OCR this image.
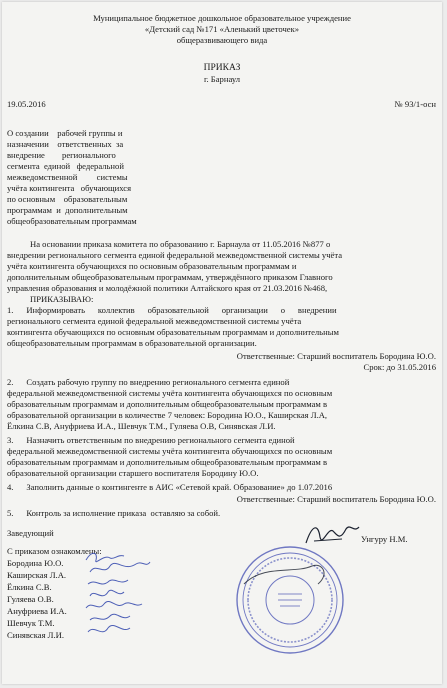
Муниципальное бюджетное дошкольное образовательное учреждение
«Детский сад №171 «Аленький цветочек»
общеразвивающего вида
ПРИКАЗ
г. Барнаул
19.05.2016	№ 93/1-осн
О создании    рабочей группы и
назначении    ответственных  за
внедрение        регионального
сегмента  единой   федеральной
межведомственной         системы
учёта контингента   обучающихся
по основным    образовательным
программам  и  дополнительным
общеобразовательным программам
На основании приказа комитета по образованию г. Барнаула от 11.05.2016 №877 о
внедрении регионального сегмента единой федеральной межведомственной системы учёта
учёта контингента обучающихся по основным образовательным программам и
дополнительным общеобразовательным программам, утверждённого приказом Главного
управления образования и молодёжной политики Алтайского края от 21.03.2016 №468,
ПРИКАЗЫВАЮ:
1.      Информировать      коллектив      образовательной      организации      о      внедрении
регионального сегмента единой федеральной межведомственной системы учёта
контингента обучающихся по основным образовательным программам и дополнительным
общеобразовательным программам в образовательной организации.
Ответственные: Старший воспитатель Бородина Ю.О.
Срок: до 31.05.2016
2.      Создать рабочую группу по внедрению регионального сегмента единой
федеральной межведомственной системы учёта контингента обучающихся по основным
образовательным программам и дополнительным общеобразовательным программам в
образовательной организации в количестве 7 человек: Бородина Ю.О., Каширская Л.А,
Ёлкина С.В, Ануфриева И.А., Шевчук Т.М., Гуляева О.В, Синявская Л.И.
3.      Назначить ответственным по внедрению регионального сегмента единой
федеральной межведомственной системы учёта контингента обучающихся по основным
образовательным программам и дополнительным общеобразовательным программам в
образовательной организации старшего воспитателя Бородину Ю.О.
4.      Заполнить данные о контингенте в АИС «Сетевой край. Образование» до 1.07.2016
Ответственные: Старший воспитатель Бородина Ю.О.
5.      Контроль за исполнение приказа  оставляю за собой.
Заведующий
Унгуру Н.М.
С приказом ознакомлены:
Бородина Ю.О.
Каширская Л.А.
Ёлкина С.В.
Гуляева О.В.
Ануфриева И.А.
Шевчук Т.М.
Синявская Л.И.
